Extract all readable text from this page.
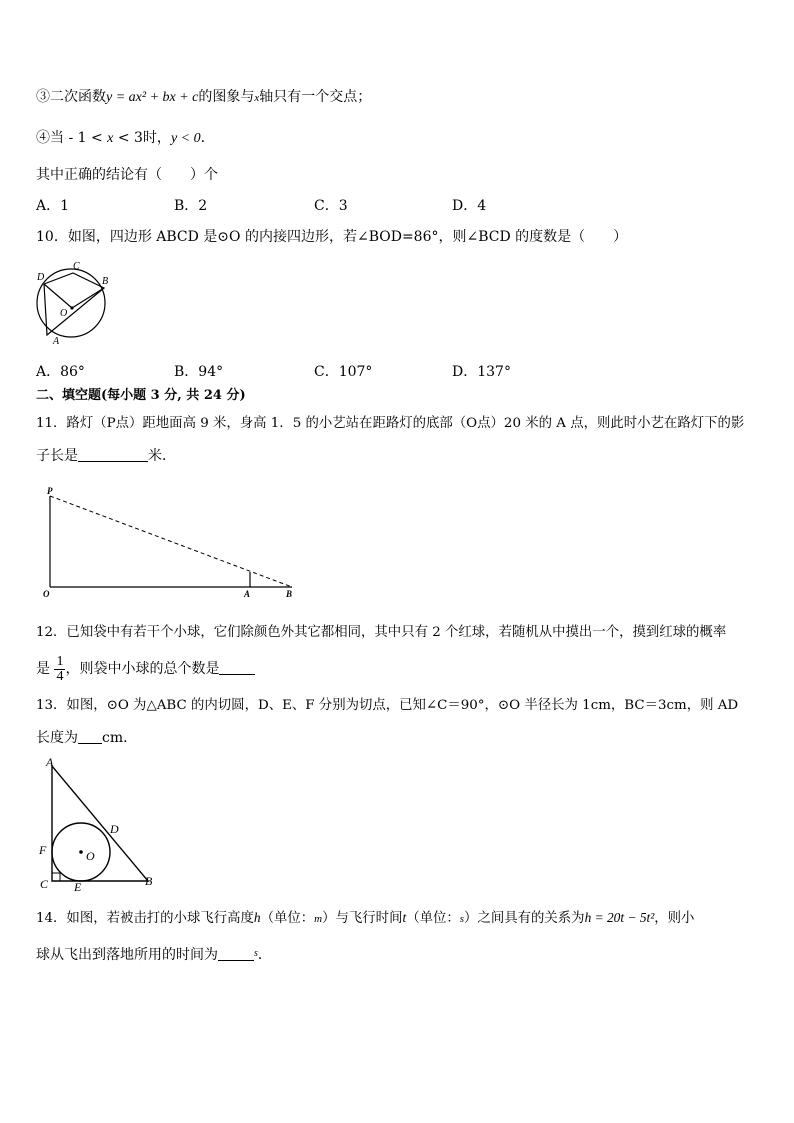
③二次函数y = ax² + bx + c的图象与x轴只有一个交点；
④当 - 1 < x < 3时，y < 0.
其中正确的结论有（　　）个
A．1	B．2	C．3	D．4
10．如图，四边形 ABCD 是⊙O 的内接四边形，若∠BOD=86°，则∠BCD 的度数是（　　）
D
C
B
O
A
A．86°	B．94°	C．107°	D．137°
二、填空题(每小题 3 分, 共 24 分)
11．路灯（P点）距地面高 9 米，身高 1．5 的小艺站在距路灯的底部（O点）20 米的 A 点，则此时小艺在路灯下的影
子长是	米．
P
O	A	B
12．已知袋中有若干个小球，它们除颜色外其它都相同，其中只有 2 个红球，若随机从中摸出一个，摸到红球的概率
是 $\frac{1}{4}$ ，则袋中小球的总个数是
13．如图，⊙O 为△ABC 的内切圆，D、E、F 分别为切点，已知∠C＝90°，⊙O 半径长为 1cm，BC＝3cm，则 AD
长度为 cm.
A
D
F	O
C E	B
14．如图，若被击打的小球飞行高度h（单位：m）与飞行时间t（单位：s）之间具有的关系为h = 20t − 5t²，则小
球从飞出到落地所用的时间为	$^s$．
